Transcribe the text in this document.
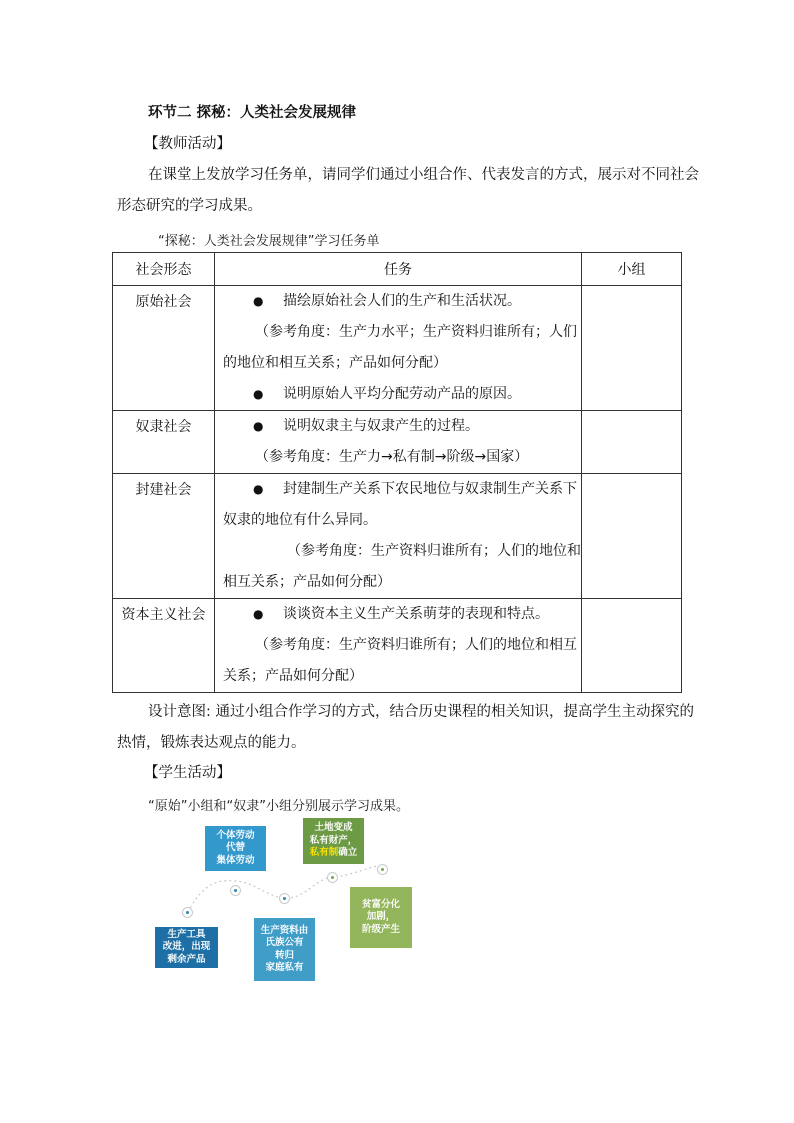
环节二 探秘：人类社会发展规律
【教师活动】
在课堂上发放学习任务单，请同学们通过小组合作、代表发言的方式，展示对不同社会
形态研究的学习成果。
“探秘：人类社会发展规律”学习任务单
社会形态	任务	小组
原始社会	● 描绘原始社会人们的生产和生活状况。
（参考角度：生产力水平；生产资料归谁所有；人们
的地位和相互关系；产品如何分配）
● 说明原始人平均分配劳动产品的原因。	

奴隶社会	● 说明奴隶主与奴隶产生的过程。
（参考角度：生产力→私有制→阶级→国家）	

封建社会	● 封建制生产关系下农民地位与奴隶制生产关系下
奴隶的地位有什么异同。
（参考角度：生产资料归谁所有；人们的地位和
相互关系；产品如何分配）	

资本主义社会	● 谈谈资本主义生产关系萌芽的表现和特点。
（参考角度：生产资料归谁所有；人们的地位和相互
关系；产品如何分配）	

设计意图: 通过小组合作学习的方式，结合历史课程的相关知识，提高学生主动探究的
热情，锻炼表达观点的能力。
【学生活动】
“原始”小组和“奴隶”小组分别展示学习成果。
生产工具
改进，出现
剩余产品
个体劳动
代替
集体劳动
生产资料由
氏族公有
转归
家庭私有
土地变成
私有财产，
私有制确立
贫富分化
加剧，
阶级产生
